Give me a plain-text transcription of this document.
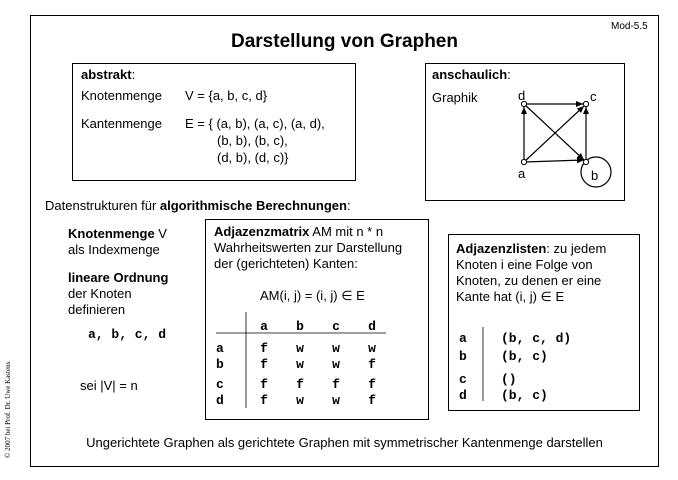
Mod-5.5
Darstellung von Graphen
© 2007 bei Prof. Dr. Uwe Kastens
abstrakt:
Knotenmenge V = {a, b, c, d}
Kantenmenge E = { (a, b), (a, c), (a, d),
(b, b), (b, c),
(d, b), (d, c)}
anschaulich:
Graphik	d	c
a	b
Datenstrukturen für algorithmische Berechnungen:
Knotenmenge V
als Indexmenge
lineare Ordnung
der Knoten
definieren
a, b, c, d
sei |V| = n
Adjazenzmatrix AM mit n * n
Wahrheitswerten zur Darstellung
der (gerichteten) Kanten:
AM(i, j) = (i, j) ∈ E
	a	b	c	d

a	f	w	w	w
b	f	w	w	f

c	f	f	f	f
d	f	w	w	f
Adjazenzlisten: zu jedem
Knoten i eine Folge von
Knoten, zu denen er eine
Kante hat (i, j) ∈ E
a	(b, c, d)
b	(b, c)
c	()
d	(b, c)
Ungerichtete Graphen als gerichtete Graphen mit symmetrischer Kantenmenge darstellen
